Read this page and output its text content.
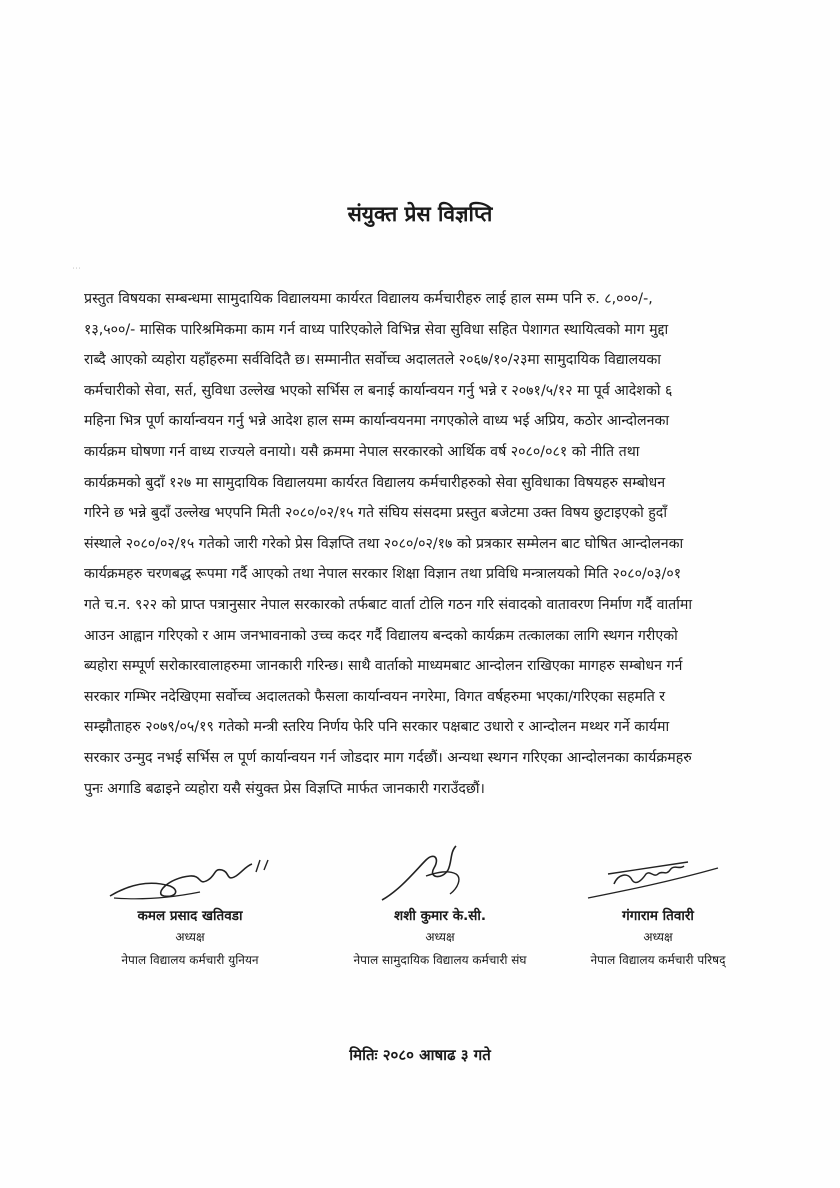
⋯
संयुक्त प्रेस विज्ञप्ति
प्रस्तुत विषयका सम्बन्धमा सामुदायिक विद्यालयमा कार्यरत विद्यालय कर्मचारीहरु लाई हाल सम्म पनि रु. ८,०००/-,
१३,५००/- मासिक पारिश्रमिकमा काम गर्न वाध्य पारिएकोले विभिन्न सेवा सुविधा सहित पेशागत स्थायित्वको माग मुद्दा
राब्दै आएको व्यहोरा यहाँहरुमा सर्वविदितै छ। सम्मानीत सर्वोच्च अदालतले २०६७/१०/२३मा सामुदायिक विद्यालयका
कर्मचारीको सेवा, सर्त, सुविधा उल्लेख भएको सर्भिस ल बनाई कार्यान्वयन गर्नु भन्ने र २०७१/५/१२ मा पूर्व आदेशको ६
महिना भित्र पूर्ण कार्यान्वयन गर्नु भन्ने आदेश हाल सम्म कार्यान्वयनमा नगएकोले वाध्य भई अप्रिय, कठोर आन्दोलनका
कार्यक्रम घोषणा गर्न वाध्य राज्यले वनायो। यसै क्रममा नेपाल सरकारको आर्थिक वर्ष २०८०/०८१ को नीति तथा
कार्यक्रमको बुदाँ १२७ मा सामुदायिक विद्यालयमा कार्यरत विद्यालय कर्मचारीहरुको सेवा सुविधाका विषयहरु सम्बोधन
गरिने छ भन्ने बुदाँ उल्लेख भएपनि मिती २०८०/०२/१५ गते संघिय संसदमा प्रस्तुत बजेटमा उक्त विषय छुटाइएको हुदाँ
संस्थाले २०८०/०२/१५ गतेको जारी गरेको प्रेस विज्ञप्ति तथा २०८०/०२/१७ को प्रत्रकार सम्मेलन बाट घोषित आन्दोलनका
कार्यक्रमहरु चरणबद्ध रूपमा गर्दै आएको तथा नेपाल सरकार शिक्षा विज्ञान तथा प्रविधि मन्त्रालयको मिति २०८०/०३/०१
गते च.न. ९२२ को प्राप्त पत्रानुसार नेपाल सरकारको तर्फबाट वार्ता टोलि गठन गरि संवादको वातावरण निर्माण गर्दै वार्तामा
आउन आह्वान गरिएको र आम जनभावनाको उच्च कदर गर्दै विद्यालय बन्दको कार्यक्रम तत्कालका लागि स्थगन गरीएको
ब्यहोरा सम्पूर्ण सरोकारवालाहरुमा जानकारी गरिन्छ। साथै वार्ताको माध्यमबाट आन्दोलन राखिएका मागहरु सम्बोधन गर्न
सरकार गम्भिर नदेखिएमा सर्वोच्च अदालतको फैसला कार्यान्वयन नगरेमा, विगत वर्षहरुमा भएका/गरिएका सहमति र
सम्झौताहरु २०७९/०५/१९ गतेको मन्त्री स्तरिय निर्णय फेरि पनि सरकार पक्षबाट उधारो र आन्दोलन मथ्थर गर्ने कार्यमा
सरकार उन्मुद नभई सर्भिस ल पूर्ण कार्यान्वयन गर्न जोडदार माग गर्दछौं। अन्यथा स्थगन गरिएका आन्दोलनका कार्यक्रमहरु
पुनः अगाडि बढाइने व्यहोरा यसै संयुक्त प्रेस विज्ञप्ति मार्फत जानकारी गराउँदछौं।
कमल प्रसाद खतिवडा
अध्यक्ष
नेपाल विद्यालय कर्मचारी युनियन
शशी कुमार के.सी.
अध्यक्ष
नेपाल सामुदायिक विद्यालय कर्मचारी संघ
गंगाराम तिवारी
अध्यक्ष
नेपाल विद्यालय कर्मचारी परिषद्
मितिः २०८० आषाढ ३ गते
